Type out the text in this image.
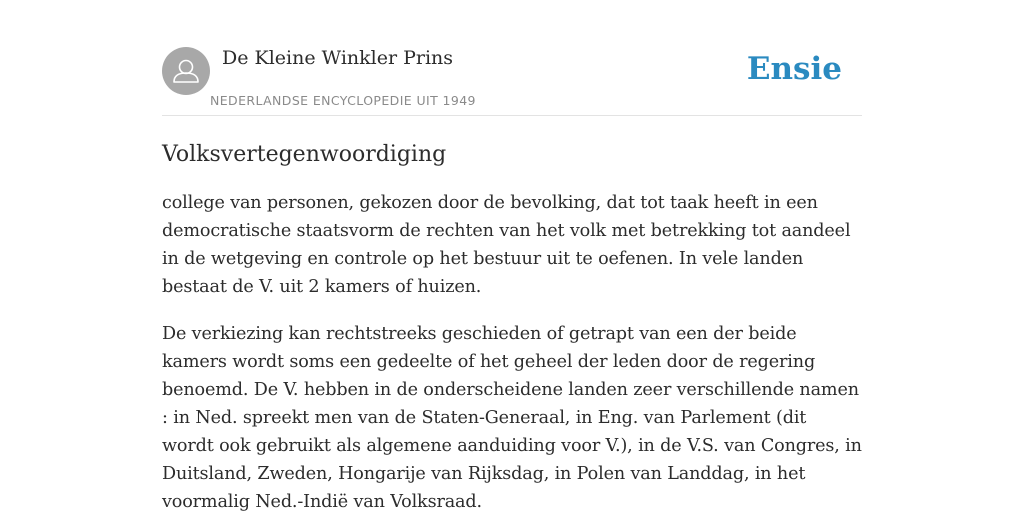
De Kleine Winkler Prins
NEDERLANDSE ENCYCLOPEDIE UIT 1949
Ensie
Volksvertegenwoordiging

college van personen, gekozen door de bevolking, dat tot taak heeft in een democratische staatsvorm de rechten van het volk met betrekking tot aandeel in de wetgeving en controle op het bestuur uit te oefenen. In vele landen bestaat de V. uit 2 kamers of huizen.

De verkiezing kan rechtstreeks geschieden of getrapt van een der beide kamers wordt soms een gedeelte of het geheel der leden door de regering benoemd. De V. hebben in de onderscheidene landen zeer verschillende namen : in Ned. spreekt men van de Staten-Generaal, in Eng. van Parlement (dit wordt ook gebruikt als algemene aanduiding voor V.), in de V.S. van Congres, in Duitsland, Zweden, Hongarije van Rijksdag, in Polen van Landdag, in het voormalig Ned.-Indië van Volksraad.
